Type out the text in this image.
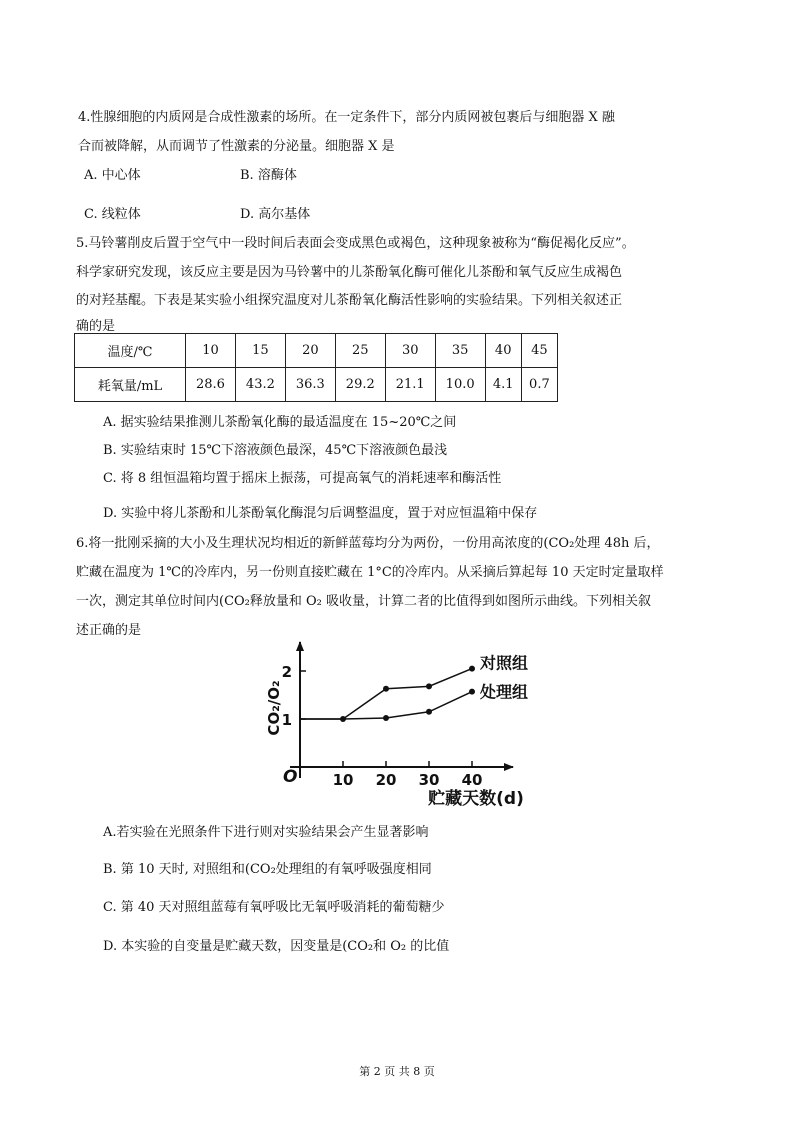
4.性腺细胞的内质网是合成性激素的场所。在一定条件下，部分内质网被包裹后与细胞器 X 融
合而被降解，从而调节了性激素的分泌量。细胞器 X 是
A. 中心体	B. 溶酶体
C. 线粒体	D. 高尔基体
5.马铃薯削皮后置于空气中一段时间后表面会变成黑色或褐色，这种现象被称为“酶促褐化反应”。
科学家研究发现，该反应主要是因为马铃薯中的儿茶酚氧化酶可催化儿茶酚和氧气反应生成褐色
的对羟基醌。下表是某实验小组探究温度对儿茶酚氧化酶活性影响的实验结果。下列相关叙述正
确的是
温度/℃	10	15	20	25	30	35	40	45
耗氧量/mL	28.6	43.2	36.3	29.2	21.1	10.0	4.1	0.7
A. 据实验结果推测儿茶酚氧化酶的最适温度在 15~20℃之间
B. 实验结束时 15℃下溶液颜色最深，45℃下溶液颜色最浅
C. 将 8 组恒温箱均置于摇床上振荡，可提高氧气的消耗速率和酶活性
D. 实验中将儿茶酚和儿茶酚氧化酶混匀后调整温度，置于对应恒温箱中保存
6.将一批刚采摘的大小及生理状况均相近的新鲜蓝莓均分为两份，一份用高浓度的(CO₂处理 48h 后，
贮藏在温度为 1℃的冷库内，另一份则直接贮藏在 1°C的冷库内。从采摘后算起每 10 天定时定量取样
一次，测定其单位时间内(CO₂释放量和 O₂ 吸收量，计算二者的比值得到如图所示曲线。下列相关叙
述正确的是
O
CO₂/O₂
贮藏天数(d)
10 20 30 40
1
2	对照组
处理组
A.若实验在光照条件下进行则对实验结果会产生显著影响
B. 第 10 天时, 对照组和(CO₂处理组的有氧呼吸强度相同
C. 第 40 天对照组蓝莓有氧呼吸比无氧呼吸消耗的葡萄糖少
D. 本实验的自变量是贮藏天数，因变量是(CO₂和 O₂ 的比值
第 2 页 共 8 页
